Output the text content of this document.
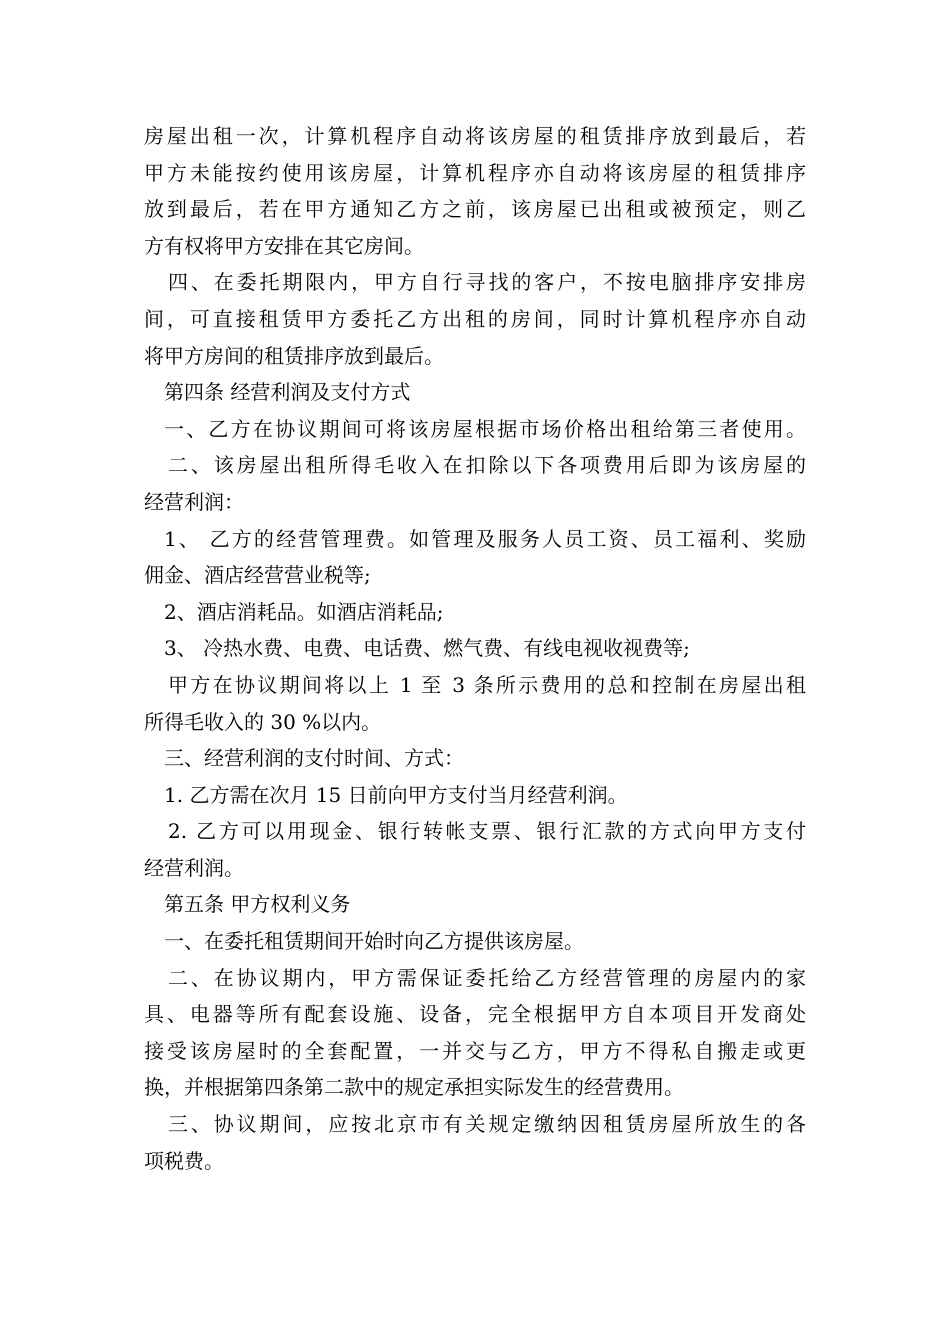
房屋出租一次，计算机程序自动将该房屋的租赁排序放到最后，若
甲方未能按约使用该房屋，计算机程序亦自动将该房屋的租赁排序
放到最后，若在甲方通知乙方之前，该房屋已出租或被预定，则乙
方有权将甲方安排在其它房间。
四、在委托期限内，甲方自行寻找的客户，不按电脑排序安排房
间，可直接租赁甲方委托乙方出租的房间，同时计算机程序亦自动
将甲方房间的租赁排序放到最后。
第四条 经营利润及支付方式
一、乙方在协议期间可将该房屋根据市场价格出租给第三者使用。
二、该房屋出租所得毛收入在扣除以下各项费用后即为该房屋的
经营利润：
1、 乙方的经营管理费。如管理及服务人员工资、员工福利、奖励
佣金、酒店经营营业税等;
2、酒店消耗品。如酒店消耗品;
3、 冷热水费、电费、电话费、燃气费、有线电视收视费等;
甲方在协议期间将以上 1 至 3 条所示费用的总和控制在房屋出租
所得毛收入的 30 %以内。
三、经营利润的支付时间、方式：
1. 乙方需在次月 15 日前向甲方支付当月经营利润。
2. 乙方可以用现金、银行转帐支票、银行汇款的方式向甲方支付
经营利润。
第五条 甲方权利义务
一、在委托租赁期间开始时向乙方提供该房屋。
二、在协议期内，甲方需保证委托给乙方经营管理的房屋内的家
具、电器等所有配套设施、设备，完全根据甲方自本项目开发商处
接受该房屋时的全套配置，一并交与乙方，甲方不得私自搬走或更
换，并根据第四条第二款中的规定承担实际发生的经营费用。
三、协议期间，应按北京市有关规定缴纳因租赁房屋所放生的各
项税费。
